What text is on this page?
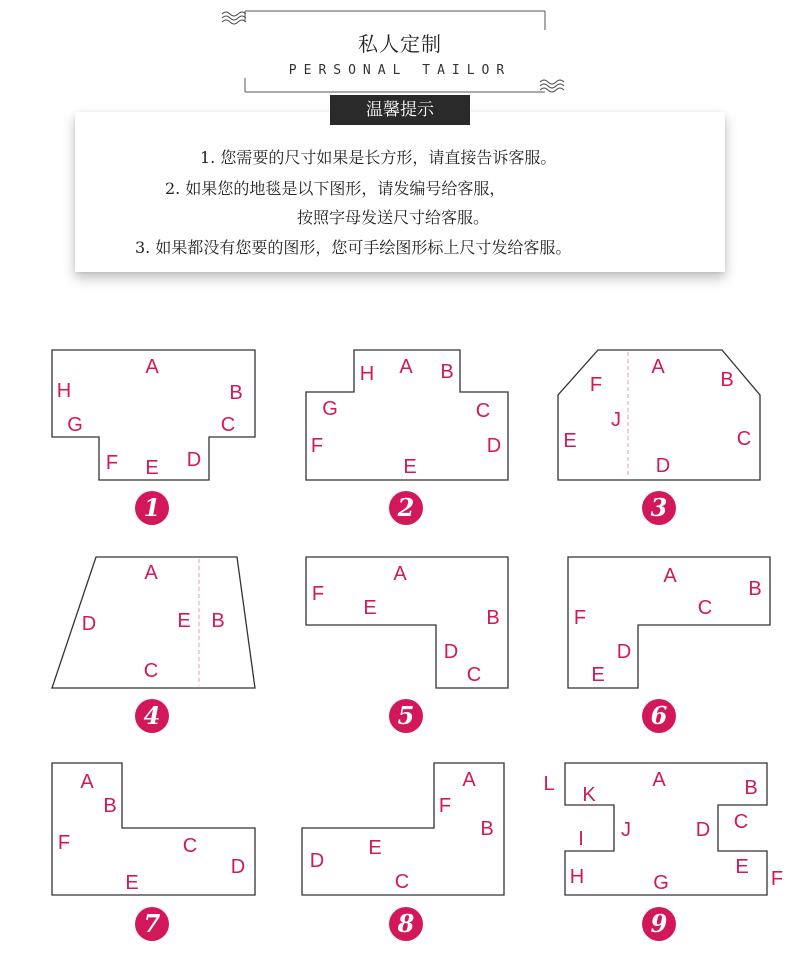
私人定制
PERSONAL TAILOR
1. 您需要的尺寸如果是长方形，请直接告诉客服。
2. 如果您的地毯是以下图形，请发编号给客服，
按照字母发送尺寸给客服。
3. 如果都没有您要的图形，您可手绘图形标上尺寸发给客服。
温馨提示
A
B
C
D
E
F
G
H
1
H A B
G	C
F	D
E
2
A
B
F
J
E	C
D
3
A
D	E B
C
4
A
F
E	B
D
C
5
A
B
C
F
D
E
6
A
B
F	C
D
E
7
A
F
B
D
E
C
8
L K
A	B
C
D
J
I
E
H	G	F
9
